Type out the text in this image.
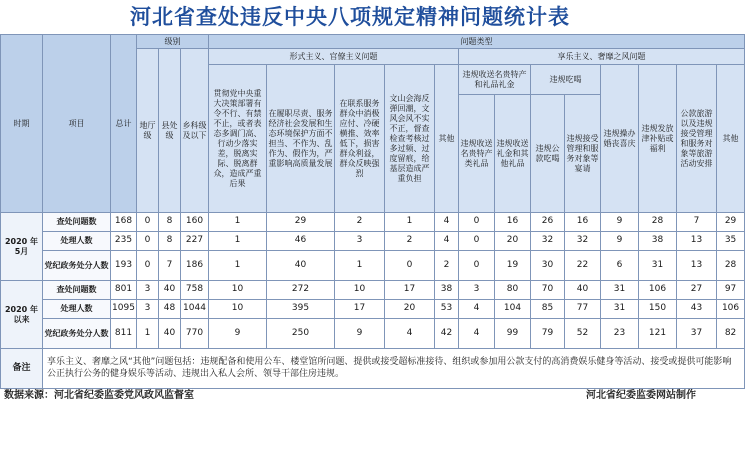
河北省查处违反中央八项规定精神问题统计表
时期	项目	总计	级别			问题类型												
			地厅级	县处级	乡科级及以下	形式主义、官僚主义问题					享乐主义、奢靡之风问题							
						贯彻党中央重大决策部署有令不行、有禁不止，或者表态多调门高、行动少落实差，脱离实际、脱离群众，造成严重后果	在履职尽责、服务经济社会发展和生态环境保护方面不担当、不作为、乱作为、假作为，严重影响高质量发展	在联系服务群众中消极应付、冷硬横推、效率低下，损害群众利益，群众反映强烈	文山会海反弹回潮，文风会风不实不正，督查检查考核过多过频、过度留痕，给基层造成严重负担	其他	违规收送名贵特产和礼品礼金		违规吃喝		违规操办婚丧喜庆	违规发放津补贴或福利	公款旅游以及违规接受管理和服务对象等旅游活动安排	其他
											违规收送名贵特产类礼品	违规收送礼金和其他礼品	违规公款吃喝	违规接受管理和服务对象等宴请				
2020 年
5月	查处问题数	168	0	8	160	1	29	2	1	4	0	16	26	16	9	28	7	29
	处理人数	235	0	8	227	1	46	3	2	4	0	20	32	32	9	38	13	35
	党纪政务处分人数	193	0	7	186	1	40	1	0	2	0	19	30	22	6	31	13	28
2020 年
以来	查处问题数	801	3	40	758	10	272	10	17	38	3	80	70	40	31	106	27	97
	处理人数	1095	3	48	1044	10	395	17	20	53	4	104	85	77	31	150	43	106
	党纪政务处分人数	811	1	40	770	9	250	9	4	42	4	99	79	52	23	121	37	82
备注	享乐主义、奢靡之风“其他”问题包括：违规配备和使用公车、楼堂馆所问题、提供或接受超标准接待、组织或参加用公款支付的高消费娱乐健身等活动、接受或提供可能影响公正执行公务的健身娱乐等活动、违规出入私人会所、领导干部住房违规。																	
数据来源：河北省纪委监委党风政风监督室	河北省纪委监委网站制作
